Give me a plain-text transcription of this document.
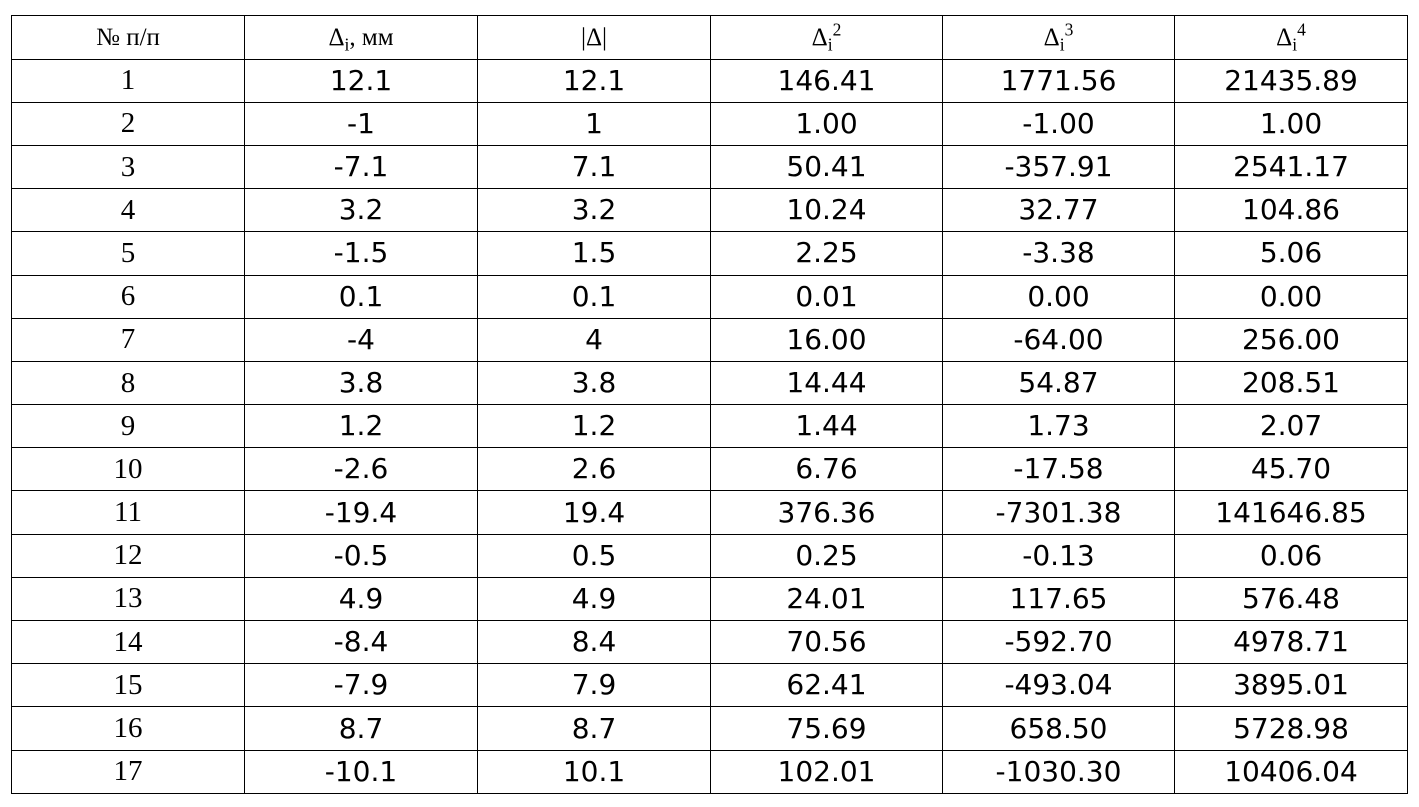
№ п/п	$\Delta_i$, мм	|Δ|	$\Delta_i^2$	$\Delta_i^3$	$\Delta_i^4$
1	12.1	12.1	146.41	1771.56	21435.89
2	-1	1	1.00	-1.00	1.00
3	-7.1	7.1	50.41	-357.91	2541.17
4	3.2	3.2	10.24	32.77	104.86
5	-1.5	1.5	2.25	-3.38	5.06
6	0.1	0.1	0.01	0.00	0.00
7	-4	4	16.00	-64.00	256.00
8	3.8	3.8	14.44	54.87	208.51
9	1.2	1.2	1.44	1.73	2.07
10	-2.6	2.6	6.76	-17.58	45.70
11	-19.4	19.4	376.36	-7301.38	141646.85
12	-0.5	0.5	0.25	-0.13	0.06
13	4.9	4.9	24.01	117.65	576.48
14	-8.4	8.4	70.56	-592.70	4978.71
15	-7.9	7.9	62.41	-493.04	3895.01
16	8.7	8.7	75.69	658.50	5728.98
17	-10.1	10.1	102.01	-1030.30	10406.04
